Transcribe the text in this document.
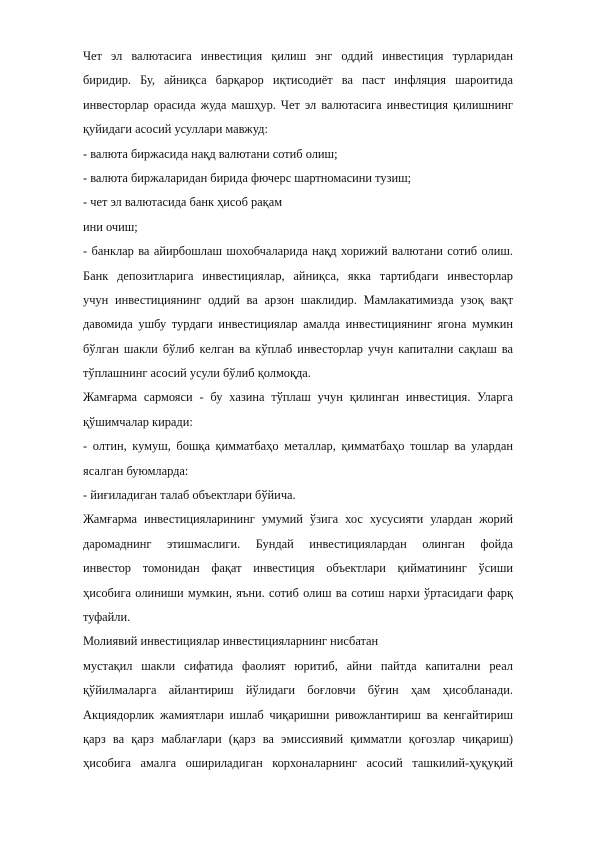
Чет эл валютасига инвестиция қилиш энг оддий инвестиция турларидан
биридир. Бу, айниқса барқарор иқтисодиёт ва паст инфляция шароитида
инвесторлар орасида жуда машҳур. Чет эл валютасига инвестиция қилишнинг
қуйидаги асосий усуллари мавжуд:
- валюта биржасида нақд валютани сотиб олиш;
- валюта биржаларидан бирида фючерс шартномасини тузиш;
- чет эл валютасида банк ҳисоб рақам
ини очиш;
- банклар ва айирбошлаш шохобчаларида нақд хорижий валютани сотиб олиш.
Банк депозитларига инвестициялар, айниқса, якка тартибдаги инвесторлар
учун инвестициянинг оддий ва арзон шаклидир. Мамлакатимизда узоқ вақт
давомида ушбу турдаги инвестициялар амалда инвестициянинг ягона мумкин
бўлган шакли бўлиб келган ва кўплаб инвесторлар учун капитални сақлаш ва
тўплашнинг асосий усули бўлиб қолмоқда.
Жамғарма сармояси - бу хазина тўплаш учун қилинган инвестиция. Уларга
қўшимчалар киради:
- олтин, кумуш, бошқа қимматбаҳо металлар, қимматбаҳо тошлар ва улардан
ясалган буюмларда:
- йиғиладиган талаб объектлари бўйича.
Жамғарма инвестицияларининг умумий ўзига хос хусусияти улардан жорий
даромаднинг этишмаслиги. Бундай инвестициялардан олинган фойда
инвестор томонидан фақат инвестиция объектлари қийматининг ўсиши
ҳисобига олиниши мумкин, яъни. сотиб олиш ва сотиш нархи ўртасидаги фарқ
туфайли.
Молиявий инвестициялар инвестицияларнинг нисбатан
мустақил шакли сифатида фаолият юритиб, айни пайтда капитални реал
қўйилмаларга айлантириш йўлидаги боғловчи бўғин ҳам ҳисобланади.
Акциядорлик жамиятлари ишлаб чиқаришни ривожлантириш ва кенгайтириш
қарз ва қарз маблағлари (қарз ва эмиссиявий қимматли қоғозлар чиқариш)
ҳисобига амалга ошириладиган корхоналарнинг асосий ташкилий-ҳуқуқий
